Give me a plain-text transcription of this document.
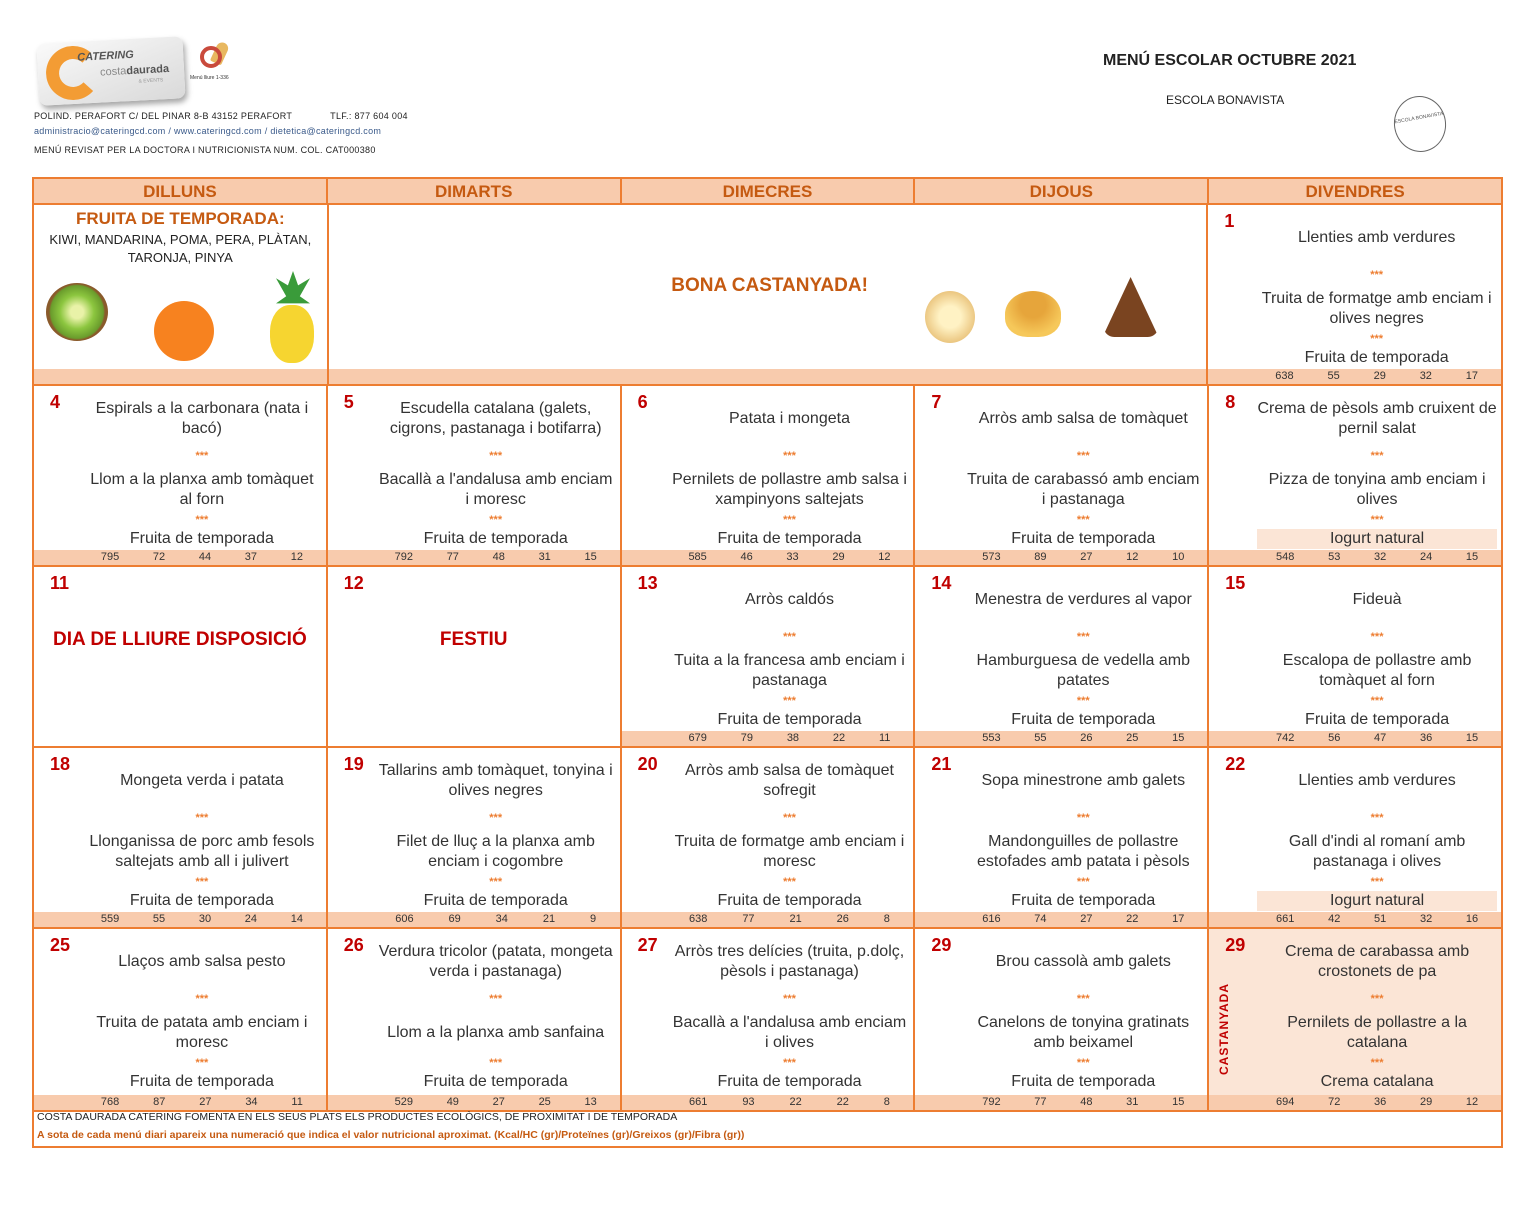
CATERING
costadaurada
& EVENTS	Menú lliure 1-336
POLIND. PERAFORT C/ DEL PINAR 8-B 43152 PERAFORT	TLF.: 877 604 004
administracio@cateringcd.com / www.cateringcd.com / dietetica@cateringcd.com
MENÚ REVISAT PER LA DOCTORA I NUTRICIONISTA NUM. COL. CAT000380
MENÚ ESCOLAR OCTUBRE 2021
ESCOLA BONAVISTA
ESCOLA BONAVISTA
DILLUNS	DIMARTS	DIMECRES	DIJOUS	DIVENDRES
FRUITA DE TEMPORADA:
KIWI, MANDARINA, POMA, PERA, PLÀTAN, TARONJA, PINYA
BONA CASTANYADA!
1
Llenties amb verdures
***
Truita de formatge amb enciam i olives negres
***
Fruita de temporada
638	55	29	32	17
4	Espirals a la carbonara (nata i bacó)
***
Llom a la planxa amb tomàquet al forn
***
Fruita de temporada
795	72	44	37	12
5	Escudella catalana (galets, cigrons, pastanaga i botifarra)
***
Bacallà a l'andalusa amb enciam i moresc
***
Fruita de temporada
792	77	48	31	15
6
Patata i mongeta
***
Pernilets de pollastre amb salsa i xampinyons saltejats
***
Fruita de temporada
585	46	33	29	12
7
Arròs amb salsa de tomàquet
***
Truita de carabassó amb enciam i pastanaga
***
Fruita de temporada
573	89	27	12	10
8 Crema de pèsols amb cruixent de pernil salat
***
Pizza de tonyina amb enciam i olives
***
Iogurt natural
548	53	32	24	15
11
DIA DE LLIURE DISPOSICIÓ
12
FESTIU
13
Arròs caldós
***
Tuita a la francesa amb enciam i pastanaga
***
Fruita de temporada
679	79	38	22	11
14
Menestra de verdures al vapor
***
Hamburguesa de vedella amb patates
***
Fruita de temporada
553	55	26	25	15
15
Fideuà
***
Escalopa de pollastre amb tomàquet al forn
***
Fruita de temporada
742	56	47	36	15
18
Mongeta verda i patata
***
Llonganissa de porc amb fesols saltejats amb all i julivert
***
Fruita de temporada
559	55	30	24	14
19 Tallarins amb tomàquet, tonyina i olives negres
***
Filet de lluç a la planxa amb enciam i cogombre
***
Fruita de temporada
606	69	34	21	9
20	Arròs amb salsa de tomàquet sofregit
***
Truita de formatge amb enciam i moresc
***
Fruita de temporada
638	77	21	26	8
21
Sopa minestrone amb galets
***
Mandonguilles de pollastre estofades amb patata i pèsols
***
Fruita de temporada
616	74	27	22	17
22
Llenties amb verdures
***
Gall d'indi al romaní amb pastanaga i olives
***
Iogurt natural
661	42	51	32	16
25
Llaços amb salsa pesto
***
Truita de patata amb enciam i moresc
***
Fruita de temporada
768	87	27	34	11
26 Verdura tricolor (patata, mongeta verda i pastanaga)
***
Llom a la planxa amb sanfaina
***
Fruita de temporada
529	49	27	25	13
27	Arròs tres delícies (truita, p.dolç, pèsols i pastanaga)
***
Bacallà a l'andalusa amb enciam i olives
***
Fruita de temporada
661	93	22	22	8
29
Brou cassolà amb galets
***
Canelons de tonyina gratinats amb beixamel
***
Fruita de temporada
792	77	48	31	15
CASTANYADA
29	Crema de carabassa amb crostonets de pa
***
Pernilets de pollastre a la catalana
***
Crema catalana
694	72	36	29	12
COSTA DAURADA CATERING FOMENTA EN ELS SEUS PLATS ELS PRODUCTES ECOLÒGICS, DE PROXIMITAT I DE TEMPORADA
A sota de cada menú diari apareix una numeració que indica el valor nutricional aproximat. (Kcal/HC (gr)/Proteïnes (gr)/Greixos (gr)/Fibra (gr))
